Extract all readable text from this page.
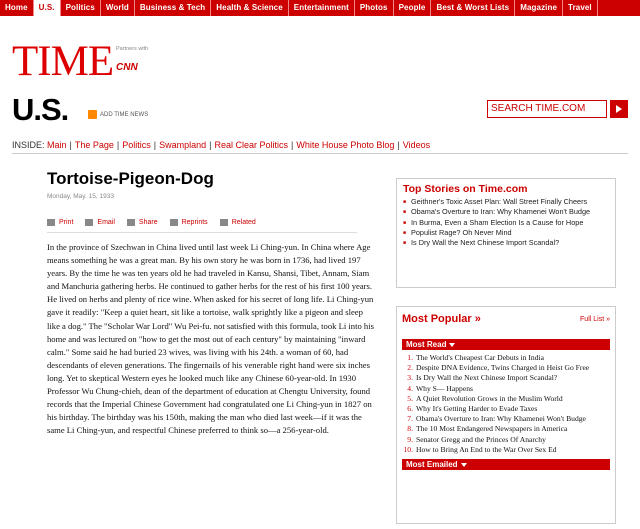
Home	U.S.	Politics	World	Business & Tech	Health & Science	Entertainment	Photos	People	Best & Worst Lists	Magazine	Travel
TIME Partners with
CNN
U.S.	ADD TIME NEWS
SEARCH TIME.COM
INSIDE: Main | The Page | Politics | Swampland | Real Clear Politics | White House Photo Blog | Videos
Tortoise-Pigeon-Dog
Monday, May. 15, 1933
Print	Email	Share	Reprints	Related
In the province of Szechwan in China lived until last week Li Ching-yun. In China where Age means something he was a great man. By his own story he was born in 1736, had lived 197 years. By the time he was ten years old he had traveled in Kansu, Shansi, Tibet, Annam, Siam and Manchuria gathering herbs. He continued to gather herbs for the rest of his first 100 years. He lived on herbs and plenty of rice wine. When asked for his secret of long life. Li Ching-yun gave it readily: "Keep a quiet heart, sit like a tortoise, walk sprightly like a pigeon and sleep like a dog." The "Scholar War Lord" Wu Pei-fu. not satisfied with this formula, took Li into his home and was lectured on "how to get the most out of each century" by maintaining "inward calm." Some said he had buried 23 wives, was living with his 24th. a woman of 60, had descendants of eleven generations. The fingernails of his venerable right hand were six inches long. Yet to skeptical Western eyes he looked much like any Chinese 60-year-old. In 1930 Professor Wu Chung-chieh, dean of the department of education at Chengtu University, found records that the Imperial Chinese Government had congratulated one Li Ching-yun in 1827 on his birthday. The birthday was his 150th, making the man who died last week—if it was the same Li Ching-yun, and respectful Chinese preferred to think so—a 256-year-old.
Top Stories on Time.com
■ Geithner's Toxic Asset Plan: Wall Street Finally Cheers
■ Obama's Overture to Iran: Why Khamenei Won't Budge
■ In Burma, Even a Sham Election Is a Cause for Hope
■ Populist Rage? Oh Never Mind
■ Is Dry Wall the Next Chinese Import Scandal?
Most Popular »	Full List »
Most Read
1. The World's Cheapest Car Debuts in India
2. Despite DNA Evidence, Twins Charged in Heist Go Free
3. Is Dry Wall the Next Chinese Import Scandal?
4. Why S— Happens
5. A Quiet Revolution Grows in the Muslim World
6. Why It's Getting Harder to Evade Taxes
7. Obama's Overture to Iran: Why Khamenei Won't Budge
8. The 10 Most Endangered Newspapers in America
9. Senator Gregg and the Princes Of Anarchy
10. How to Bring An End to the War Over Sex Ed
Most Emailed
